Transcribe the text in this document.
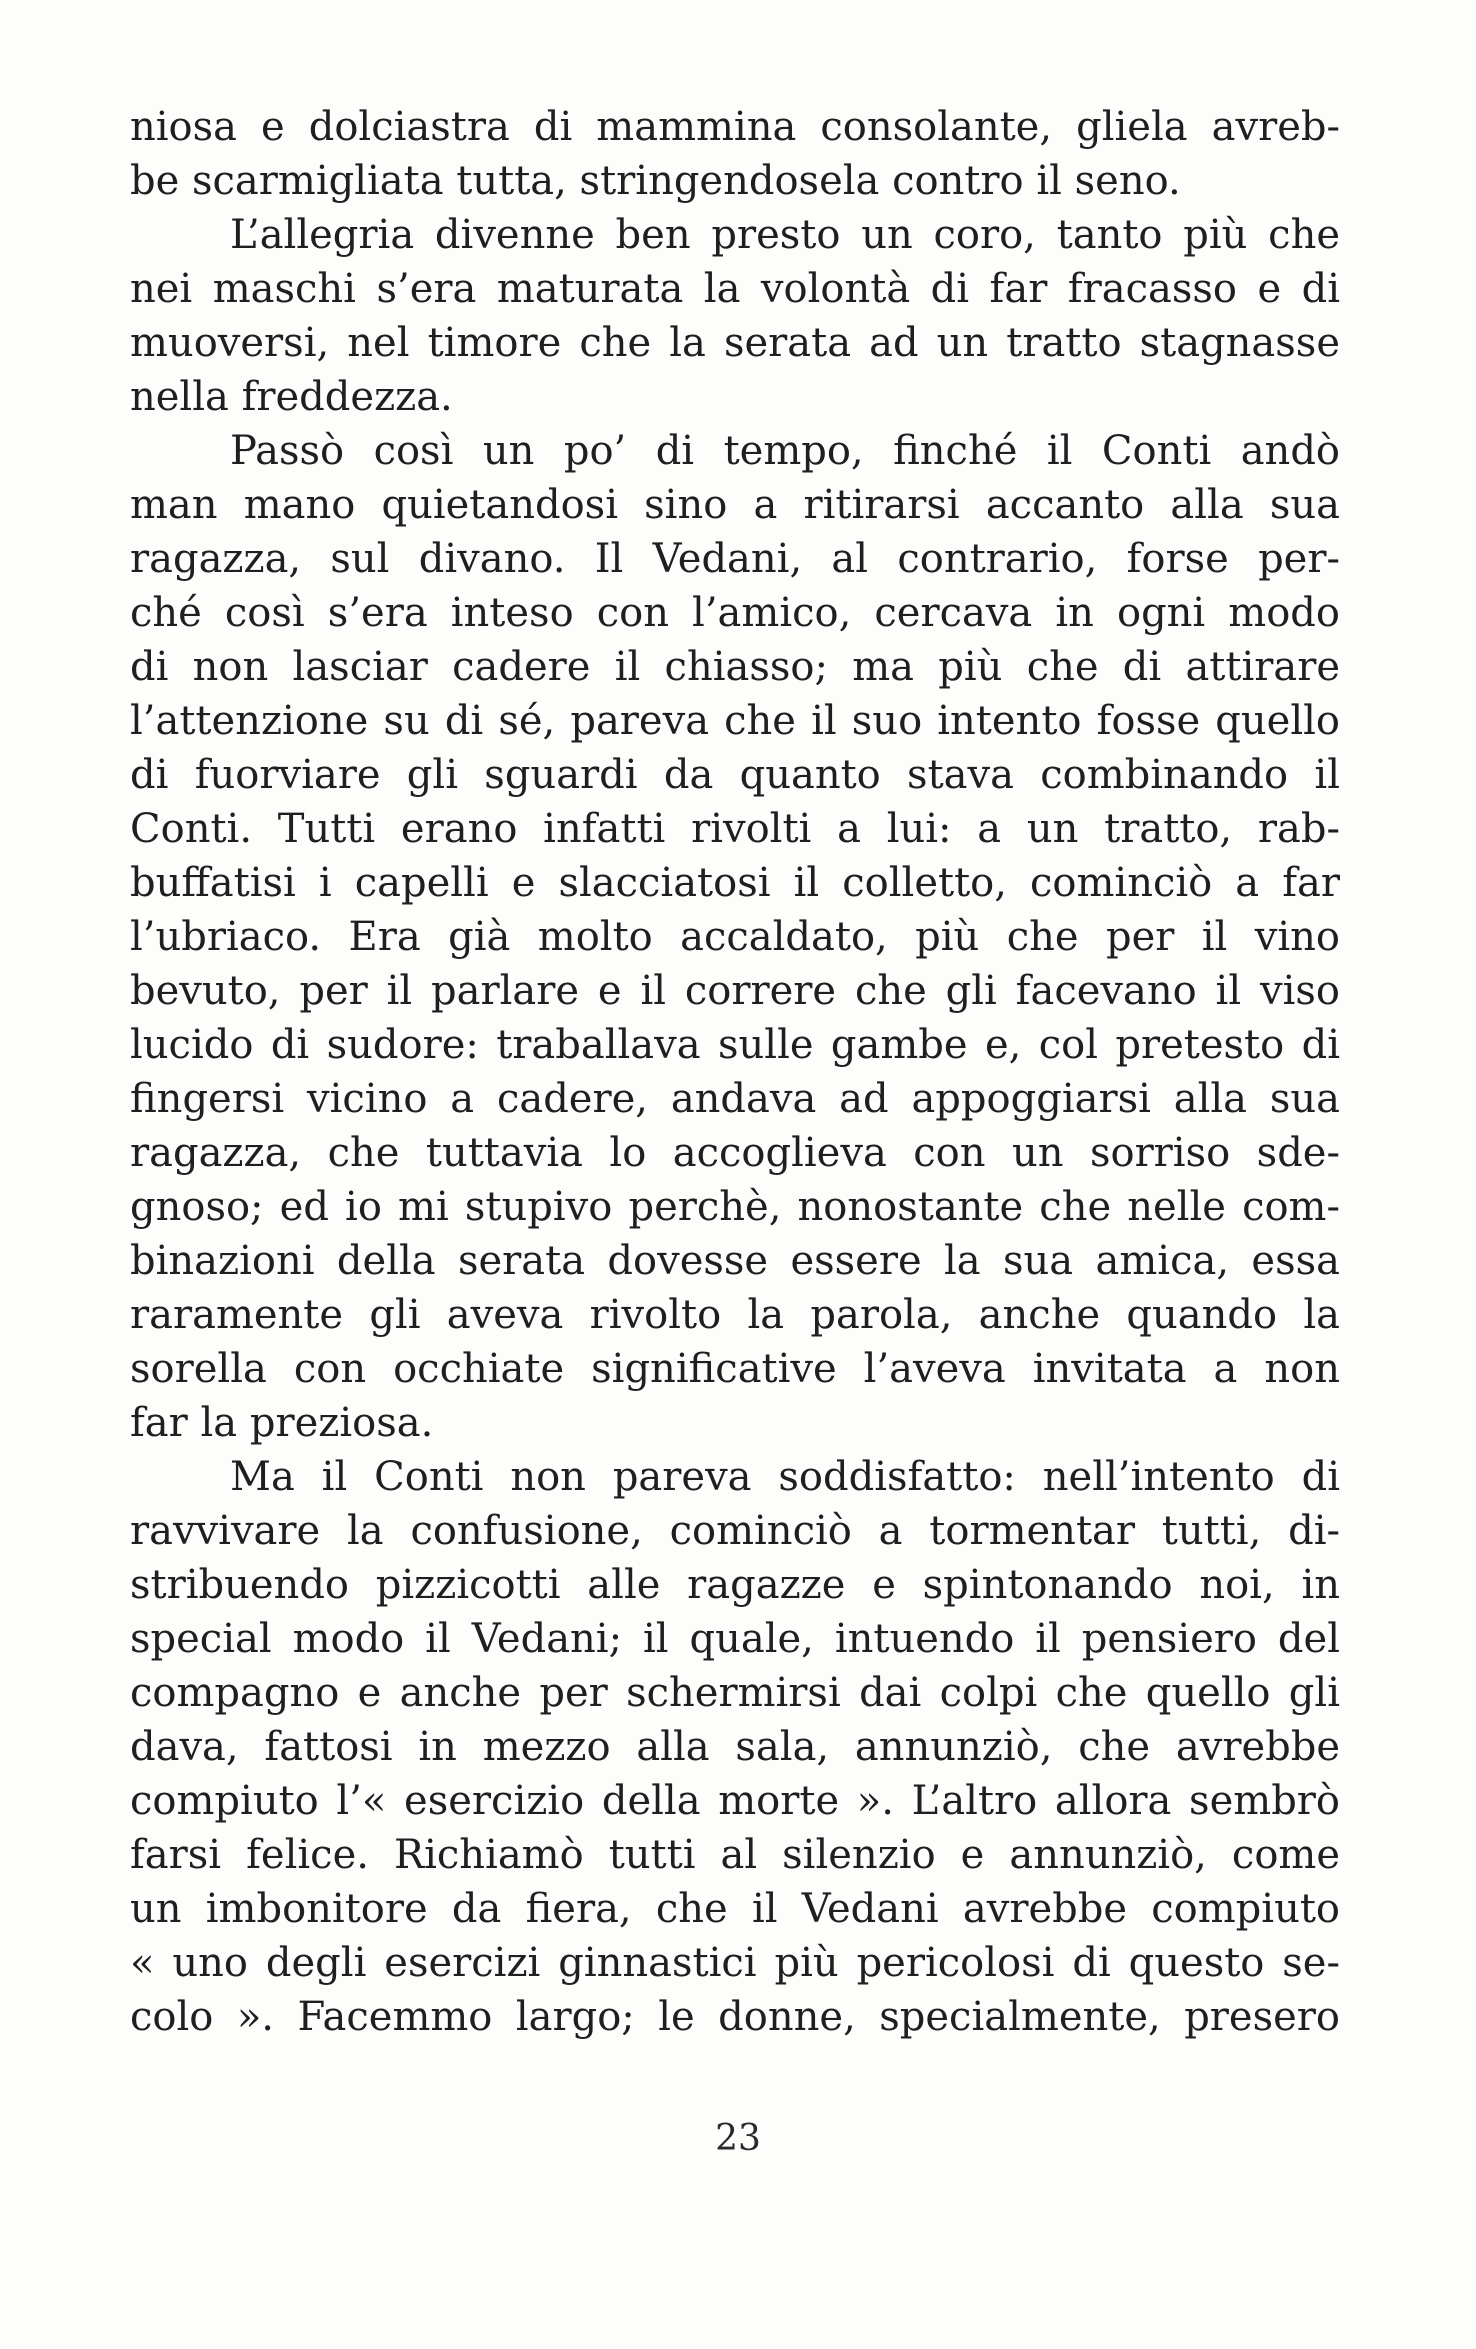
niosa e dolciastra di mammina consolante, gliela avreb-
be scarmigliata tutta, stringendosela contro il seno.
L’allegria divenne ben presto un coro, tanto più che
nei maschi s’era maturata la volontà di far fracasso e di
muoversi, nel timore che la serata ad un tratto stagnasse
nella freddezza.
Passò così un po’ di tempo, finché il Conti andò
man mano quietandosi sino a ritirarsi accanto alla sua
ragazza, sul divano. Il Vedani, al contrario, forse per-
ché così s’era inteso con l’amico, cercava in ogni modo
di non lasciar cadere il chiasso; ma più che di attirare
l’attenzione su di sé, pareva che il suo intento fosse quello
di fuorviare gli sguardi da quanto stava combinando il
Conti. Tutti erano infatti rivolti a lui: a un tratto, rab-
buffatisi i capelli e slacciatosi il colletto, cominciò a far
l’ubriaco. Era già molto accaldato, più che per il vino
bevuto, per il parlare e il correre che gli facevano il viso
lucido di sudore: traballava sulle gambe e, col pretesto di
fingersi vicino a cadere, andava ad appoggiarsi alla sua
ragazza, che tuttavia lo accoglieva con un sorriso sde-
gnoso; ed io mi stupivo perchè, nonostante che nelle com-
binazioni della serata dovesse essere la sua amica, essa
raramente gli aveva rivolto la parola, anche quando la
sorella con occhiate significative l’aveva invitata a non
far la preziosa.
Ma il Conti non pareva soddisfatto: nell’intento di
ravvivare la confusione, cominciò a tormentar tutti, di-
stribuendo pizzicotti alle ragazze e spintonando noi, in
special modo il Vedani; il quale, intuendo il pensiero del
compagno e anche per schermirsi dai colpi che quello gli
dava, fattosi in mezzo alla sala, annunziò, che avrebbe
compiuto l’« esercizio della morte ». L’altro allora sembrò
farsi felice. Richiamò tutti al silenzio e annunziò, come
un imbonitore da fiera, che il Vedani avrebbe compiuto
« uno degli esercizi ginnastici più pericolosi di questo se-
colo ». Facemmo largo; le donne, specialmente, presero
23
